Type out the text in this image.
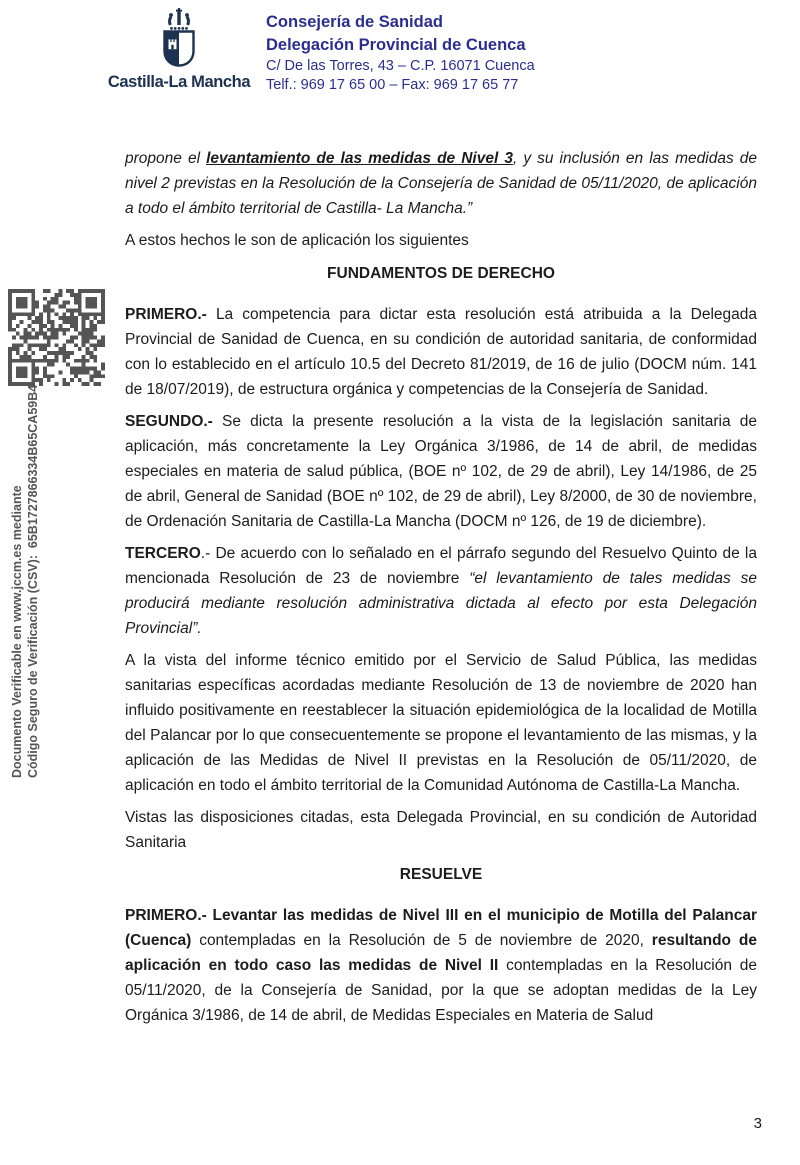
Castilla-La Mancha
Consejería de Sanidad
Delegación Provincial de Cuenca
C/ De las Torres, 43 – C.P. 16071 Cuenca
Telf.: 969 17 65 00 – Fax: 969 17 65 77
Documento Verificable en www.jccm.es mediante Código Seguro de Verificación (CSV):  65B1727866334B65CA59B4

propone el levantamiento de las medidas de Nivel 3, y su inclusión en las medidas de nivel 2 previstas en la Resolución de la Consejería de Sanidad de 05/11/2020, de aplicación a todo el ámbito territorial de Castilla- La Mancha.”

A estos hechos le son de aplicación los siguientes

FUNDAMENTOS DE DERECHO

PRIMERO.- La competencia para dictar esta resolución está atribuida a la Delegada Provincial de Sanidad de Cuenca, en su condición de autoridad sanitaria, de conformidad con lo establecido en el artículo 10.5 del Decreto 81/2019, de 16 de julio (DOCM núm. 141 de 18/07/2019), de estructura orgánica y competencias de la Consejería de Sanidad.

SEGUNDO.- Se dicta la presente resolución a la vista de la legislación sanitaria de aplicación, más concretamente la Ley Orgánica 3/1986, de 14 de abril, de medidas especiales en materia de salud pública, (BOE nº 102, de 29 de abril), Ley 14/1986, de 25 de abril, General de Sanidad (BOE nº 102, de 29 de abril), Ley 8/2000, de 30 de noviembre, de Ordenación Sanitaria de Castilla-La Mancha (DOCM nº 126, de 19 de diciembre).

TERCERO.- De acuerdo con lo señalado en el párrafo segundo del Resuelvo Quinto de la mencionada Resolución de 23 de noviembre “el levantamiento de tales medidas se producirá mediante resolución administrativa dictada al efecto por esta Delegación Provincial”.

A la vista del informe técnico emitido por el Servicio de Salud Pública, las medidas sanitarias específicas acordadas mediante Resolución de 13 de noviembre de 2020 han influido positivamente en reestablecer la situación epidemiológica de la localidad de Motilla del Palancar por lo que consecuentemente se propone el levantamiento de las mismas, y la aplicación de las Medidas de Nivel II previstas en la Resolución de 05/11/2020, de aplicación en todo el ámbito territorial de la Comunidad Autónoma de Castilla-La Mancha.

Vistas las disposiciones citadas, esta Delegada Provincial, en su condición de Autoridad Sanitaria

RESUELVE

PRIMERO.- Levantar las medidas de Nivel III en el municipio de Motilla del Palancar (Cuenca) contempladas en la Resolución de 5 de noviembre de 2020, resultando de aplicación en todo caso las medidas de Nivel II contempladas en la Resolución de 05/11/2020, de la Consejería de Sanidad, por la que se adoptan medidas de la Ley Orgánica 3/1986, de 14 de abril, de Medidas Especiales en Materia de Salud

3
